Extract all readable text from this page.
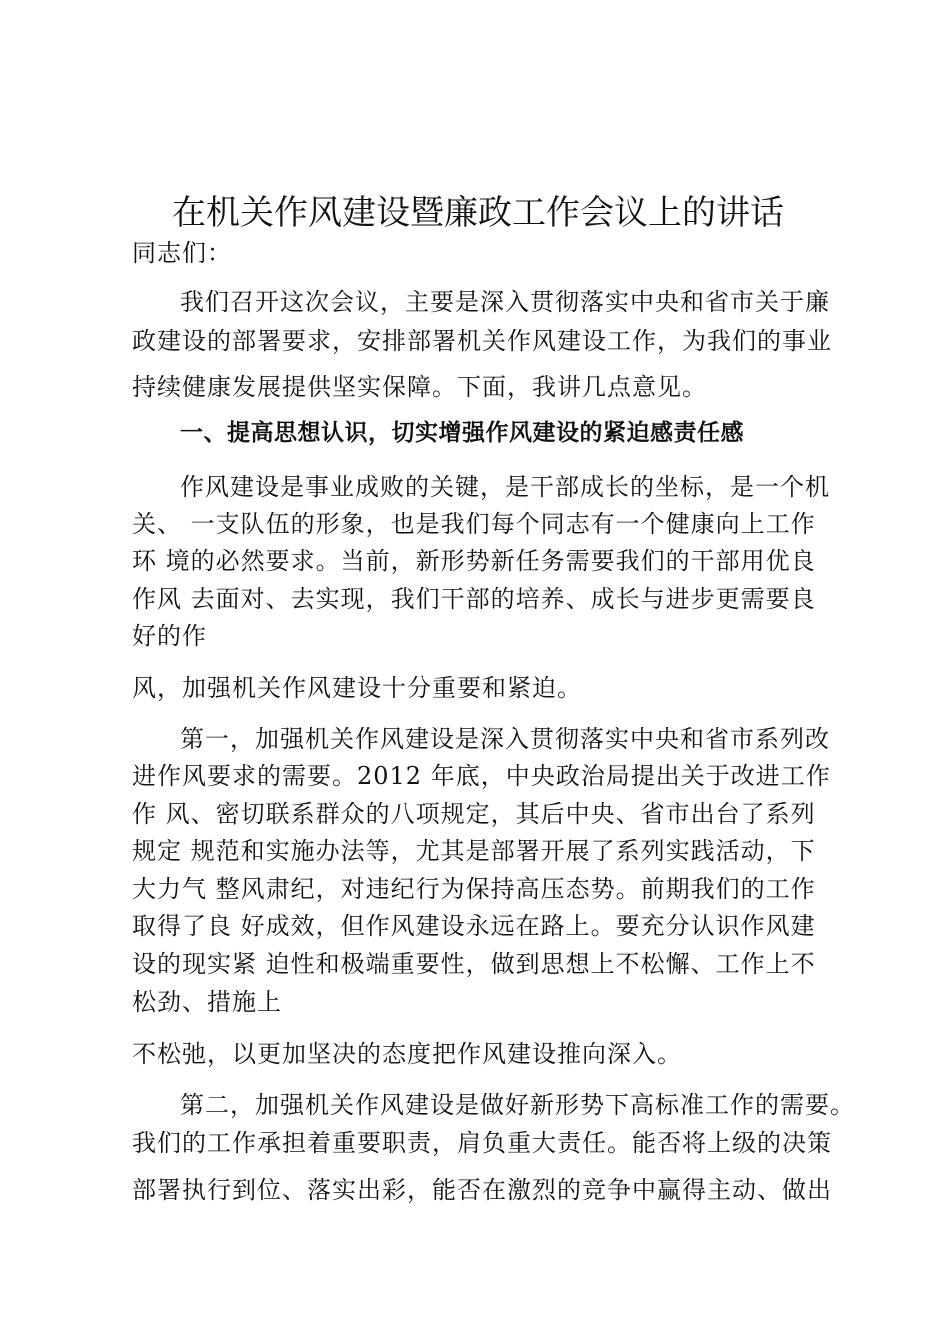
在机关作风建设暨廉政工作会议上的讲话
同志们：
我们召开这次会议，主要是深入贯彻落实中央和省市关于廉
政建设的部署要求，安排部署机关作风建设工作，为我们的事业
持续健康发展提供坚实保障。下面，我讲几点意见。
一、提高思想认识，切实增强作风建设的紧迫感责任感
作风建设是事业成败的关键，是干部成长的坐标，是一个机
关、 一支队伍的形象，也是我们每个同志有一个健康向上工作
环 境的必然要求。当前，新形势新任务需要我们的干部用优良
作风 去面对、去实现，我们干部的培养、成长与进步更需要良
好的作
风，加强机关作风建设十分重要和紧迫。
第一，加强机关作风建设是深入贯彻落实中央和省市系列改
进作风要求的需要。2012 年底，中央政治局提出关于改进工作
作 风、密切联系群众的八项规定，其后中央、省市出台了系列
规定 规范和实施办法等，尤其是部署开展了系列实践活动，下
大力气 整风肃纪，对违纪行为保持高压态势。前期我们的工作
取得了良 好成效，但作风建设永远在路上。要充分认识作风建
设的现实紧 迫性和极端重要性，做到思想上不松懈、工作上不
松劲、措施上
不松弛，以更加坚决的态度把作风建设推向深入。
第二，加强机关作风建设是做好新形势下高标准工作的需要。
我们的工作承担着重要职责，肩负重大责任。能否将上级的决策
部署执行到位、落实出彩，能否在激烈的竞争中赢得主动、做出
